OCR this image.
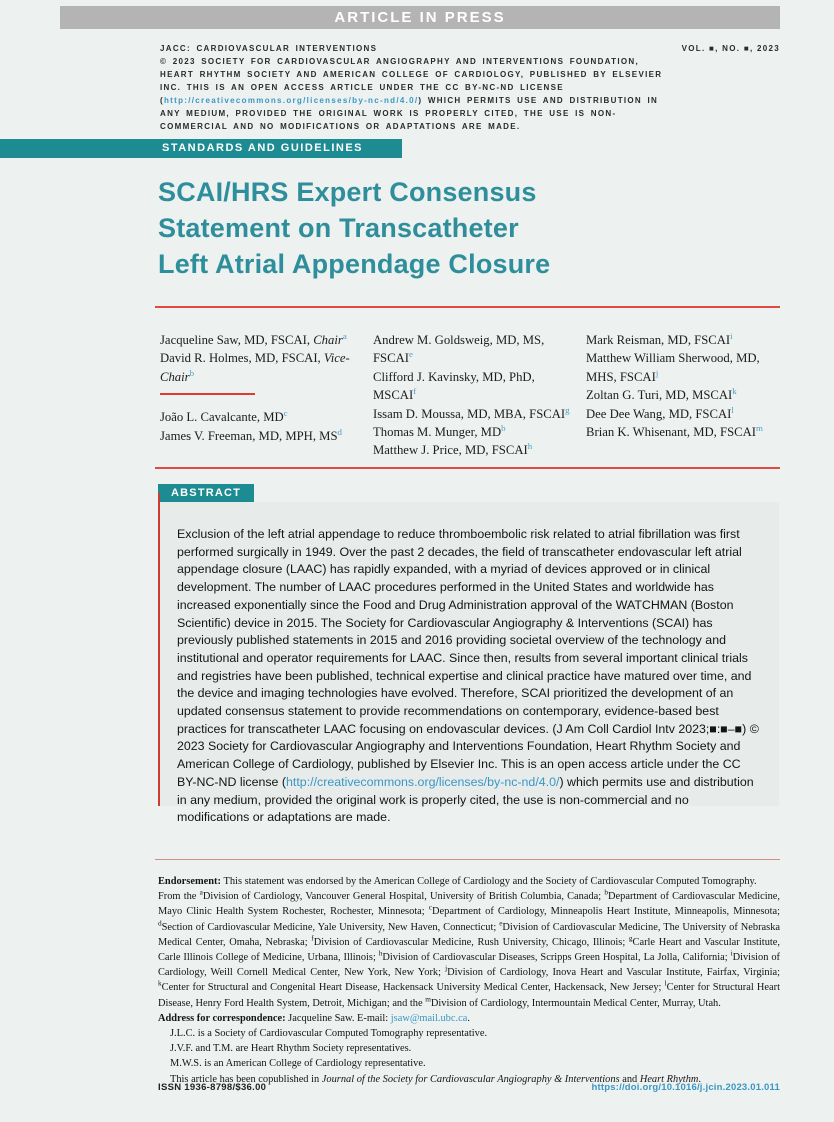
ARTICLE IN PRESS
JACC: CARDIOVASCULAR INTERVENTIONS
© 2023 SOCIETY FOR CARDIOVASCULAR ANGIOGRAPHY AND INTERVENTIONS FOUNDATION, HEART RHYTHM SOCIETY AND AMERICAN COLLEGE OF CARDIOLOGY, PUBLISHED BY ELSEVIER INC. THIS IS AN OPEN ACCESS ARTICLE UNDER THE CC BY-NC-ND LICENSE (http://creativecommons.org/licenses/by-nc-nd/4.0/) WHICH PERMITS USE AND DISTRIBUTION IN ANY MEDIUM, PROVIDED THE ORIGINAL WORK IS PROPERLY CITED, THE USE IS NON-COMMERCIAL AND NO MODIFICATIONS OR ADAPTATIONS ARE MADE.
VOL. ■, NO. ■, 2023
STANDARDS AND GUIDELINES
SCAI/HRS Expert Consensus
Statement on Transcatheter
Left Atrial Appendage Closure
Jacqueline Saw, MD, FSCAI, Chair$^a$
David R. Holmes, MD, FSCAI, Vice-Chair$^b$
João L. Cavalcante, $MD^c$
James V. Freeman, MD, MPH, $MS^d$
Andrew M. Goldsweig, MD, MS, FSCAI$^e$
Clifford J. Kavinsky, MD, PhD, MSCAI$^f$
Issam D. Moussa, MD, MBA, FSCAI$^g$
Thomas M. Munger, $MD^b$
Matthew J. Price, MD, FSCAI$^h$
Mark Reisman, MD, FSCAI$^i$
Matthew William Sherwood, MD, MHS, FSCAI$^j$
Zoltan G. Turi, MD, MSCAI$^k$
Dee Dee Wang, MD, FSCAI$^l$
Brian K. Whisenant, MD, FSCAI$^m$
ABSTRACT
Exclusion of the left atrial appendage to reduce thromboembolic risk related to atrial fibrillation was first performed surgically in 1949. Over the past 2 decades, the field of transcatheter endovascular left atrial appendage closure (LAAC) has rapidly expanded, with a myriad of devices approved or in clinical development. The number of LAAC procedures performed in the United States and worldwide has increased exponentially since the Food and Drug Administration approval of the WATCHMAN (Boston Scientific) device in 2015. The Society for Cardiovascular Angiography & Interventions (SCAI) has previously published statements in 2015 and 2016 providing societal overview of the technology and institutional and operator requirements for LAAC. Since then, results from several important clinical trials and registries have been published, technical expertise and clinical practice have matured over time, and the device and imaging technologies have evolved. Therefore, SCAI prioritized the development of an updated consensus statement to provide recommendations on contemporary, evidence-based best practices for transcatheter LAAC focusing on endovascular devices. (J Am Coll Cardiol Intv 2023;■:■–■) © 2023 Society for Cardiovascular Angiography and Interventions Foundation, Heart Rhythm Society and American College of Cardiology, published by Elsevier Inc. This is an open access article under the CC BY-NC-ND license (http://creativecommons.org/licenses/by-nc-nd/4.0/) which permits use and distribution in any medium, provided the original work is properly cited, the use is non-commercial and no modifications or adaptations are made.
Endorsement: This statement was endorsed by the American College of Cardiology and the Society of Cardiovascular Computed Tomography.
From the $^a$Division of Cardiology, Vancouver General Hospital, University of British Columbia, Canada; $^b$Department of Cardiovascular Medicine, Mayo Clinic Health System Rochester, Rochester, Minnesota; $^c$Department of Cardiology, Minneapolis Heart Institute, Minneapolis, Minnesota; $^d$Section of Cardiovascular Medicine, Yale University, New Haven, Connecticut; $^e$Division of Cardiovascular Medicine, The University of Nebraska Medical Center, Omaha, Nebraska; $^f$Division of Cardiovascular Medicine, Rush University, Chicago, Illinois; $^g$Carle Heart and Vascular Institute, Carle Illinois College of Medicine, Urbana, Illinois; $^h$Division of Cardiovascular Diseases, Scripps Green Hospital, La Jolla, California; $^i$Division of Cardiology, Weill Cornell Medical Center, New York, New York; $^j$Division of Cardiology, Inova Heart and Vascular Institute, Fairfax, Virginia; $^k$Center for Structural and Congenital Heart Disease, Hackensack University Medical Center, Hackensack, New Jersey; $^l$Center for Structural Heart Disease, Henry Ford Health System, Detroit, Michigan; and the $^m$Division of Cardiology, Intermountain Medical Center, Murray, Utah.
Address for correspondence: Jacqueline Saw. E-mail: jsaw@mail.ubc.ca.
J.L.C. is a Society of Cardiovascular Computed Tomography representative.
J.V.F. and T.M. are Heart Rhythm Society representatives.
M.W.S. is an American College of Cardiology representative.
This article has been copublished in Journal of the Society for Cardiovascular Angiography & Interventions and Heart Rhythm.
ISSN 1936-8798/$36.00	https://doi.org/10.1016/j.jcin.2023.01.011
